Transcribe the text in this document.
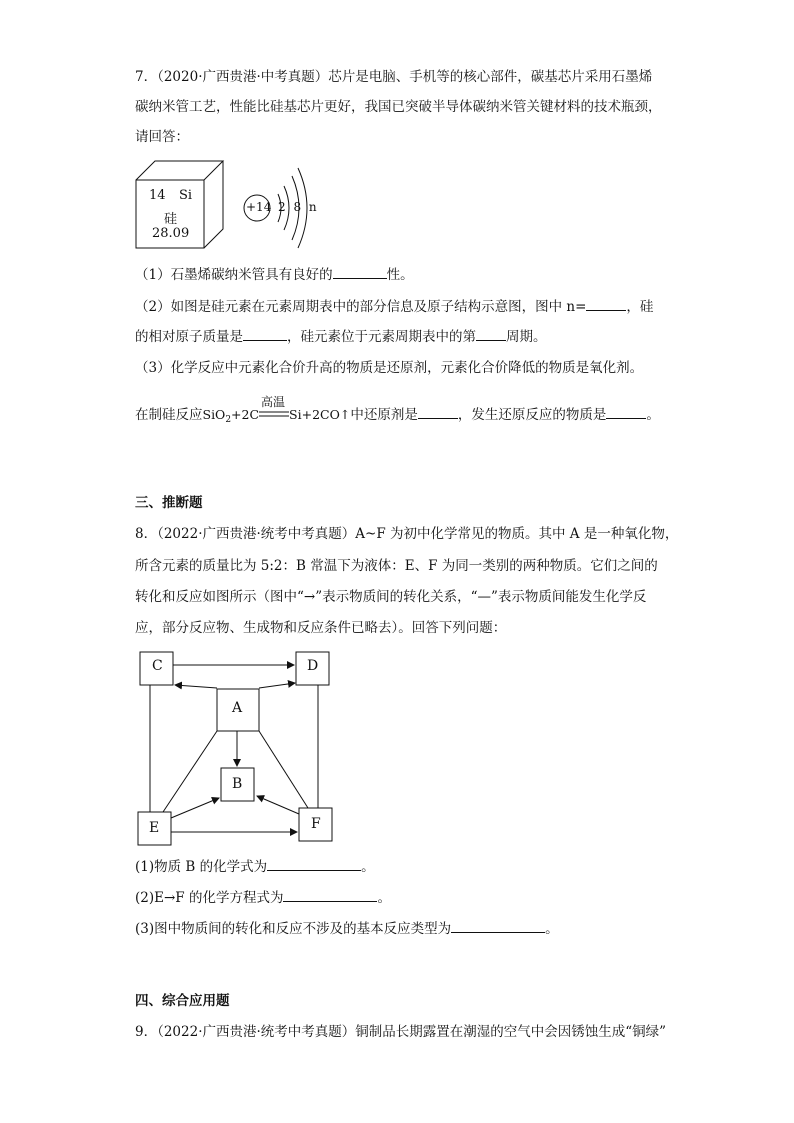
7．（2020·广西贵港·中考真题）芯片是电脑、手机等的核心部件，碳基芯片采用石墨烯
碳纳米管工艺，性能比硅基芯片更好，我国已突破半导体碳纳米管关键材料的技术瓶颈，
请回答：
14 Si
硅
28.09
+14 2 8 n
（1）石墨烯碳纳米管具有良好的	性。
（2）如图是硅元素在元素周期表中的部分信息及原子结构示意图，图中 n=	，硅
的相对原子质量是	，硅元素位于元素周期表中的第 周期。
（3）化学反应中元素化合价升高的物质是还原剂，元素化合价降低的物质是氧化剂。
在制硅反应SiO$_2$+2C
高温
Si+2CO↑中还原剂是	，发生还原反应的物质是	。
三、推断题
8．（2022·广西贵港·统考中考真题）A~F 为初中化学常见的物质。其中 A 是一种氧化物，
所含元素的质量比为 5:2：B 常温下为液体：E、F 为同一类别的两种物质。它们之间的
转化和反应如图所示（图中“→”表示物质间的转化关系，“—”表示物质间能发生化学反
应，部分反应物、生成物和反应条件已略去）。回答下列问题：
C	D
A
B
E	F
(1)物质 B 的化学式为	。
(2)E→F 的化学方程式为	。
(3)图中物质间的转化和反应不涉及的基本反应类型为	。
四、综合应用题
9．（2022·广西贵港·统考中考真题）铜制品长期露置在潮湿的空气中会因锈蚀生成“铜绿”
